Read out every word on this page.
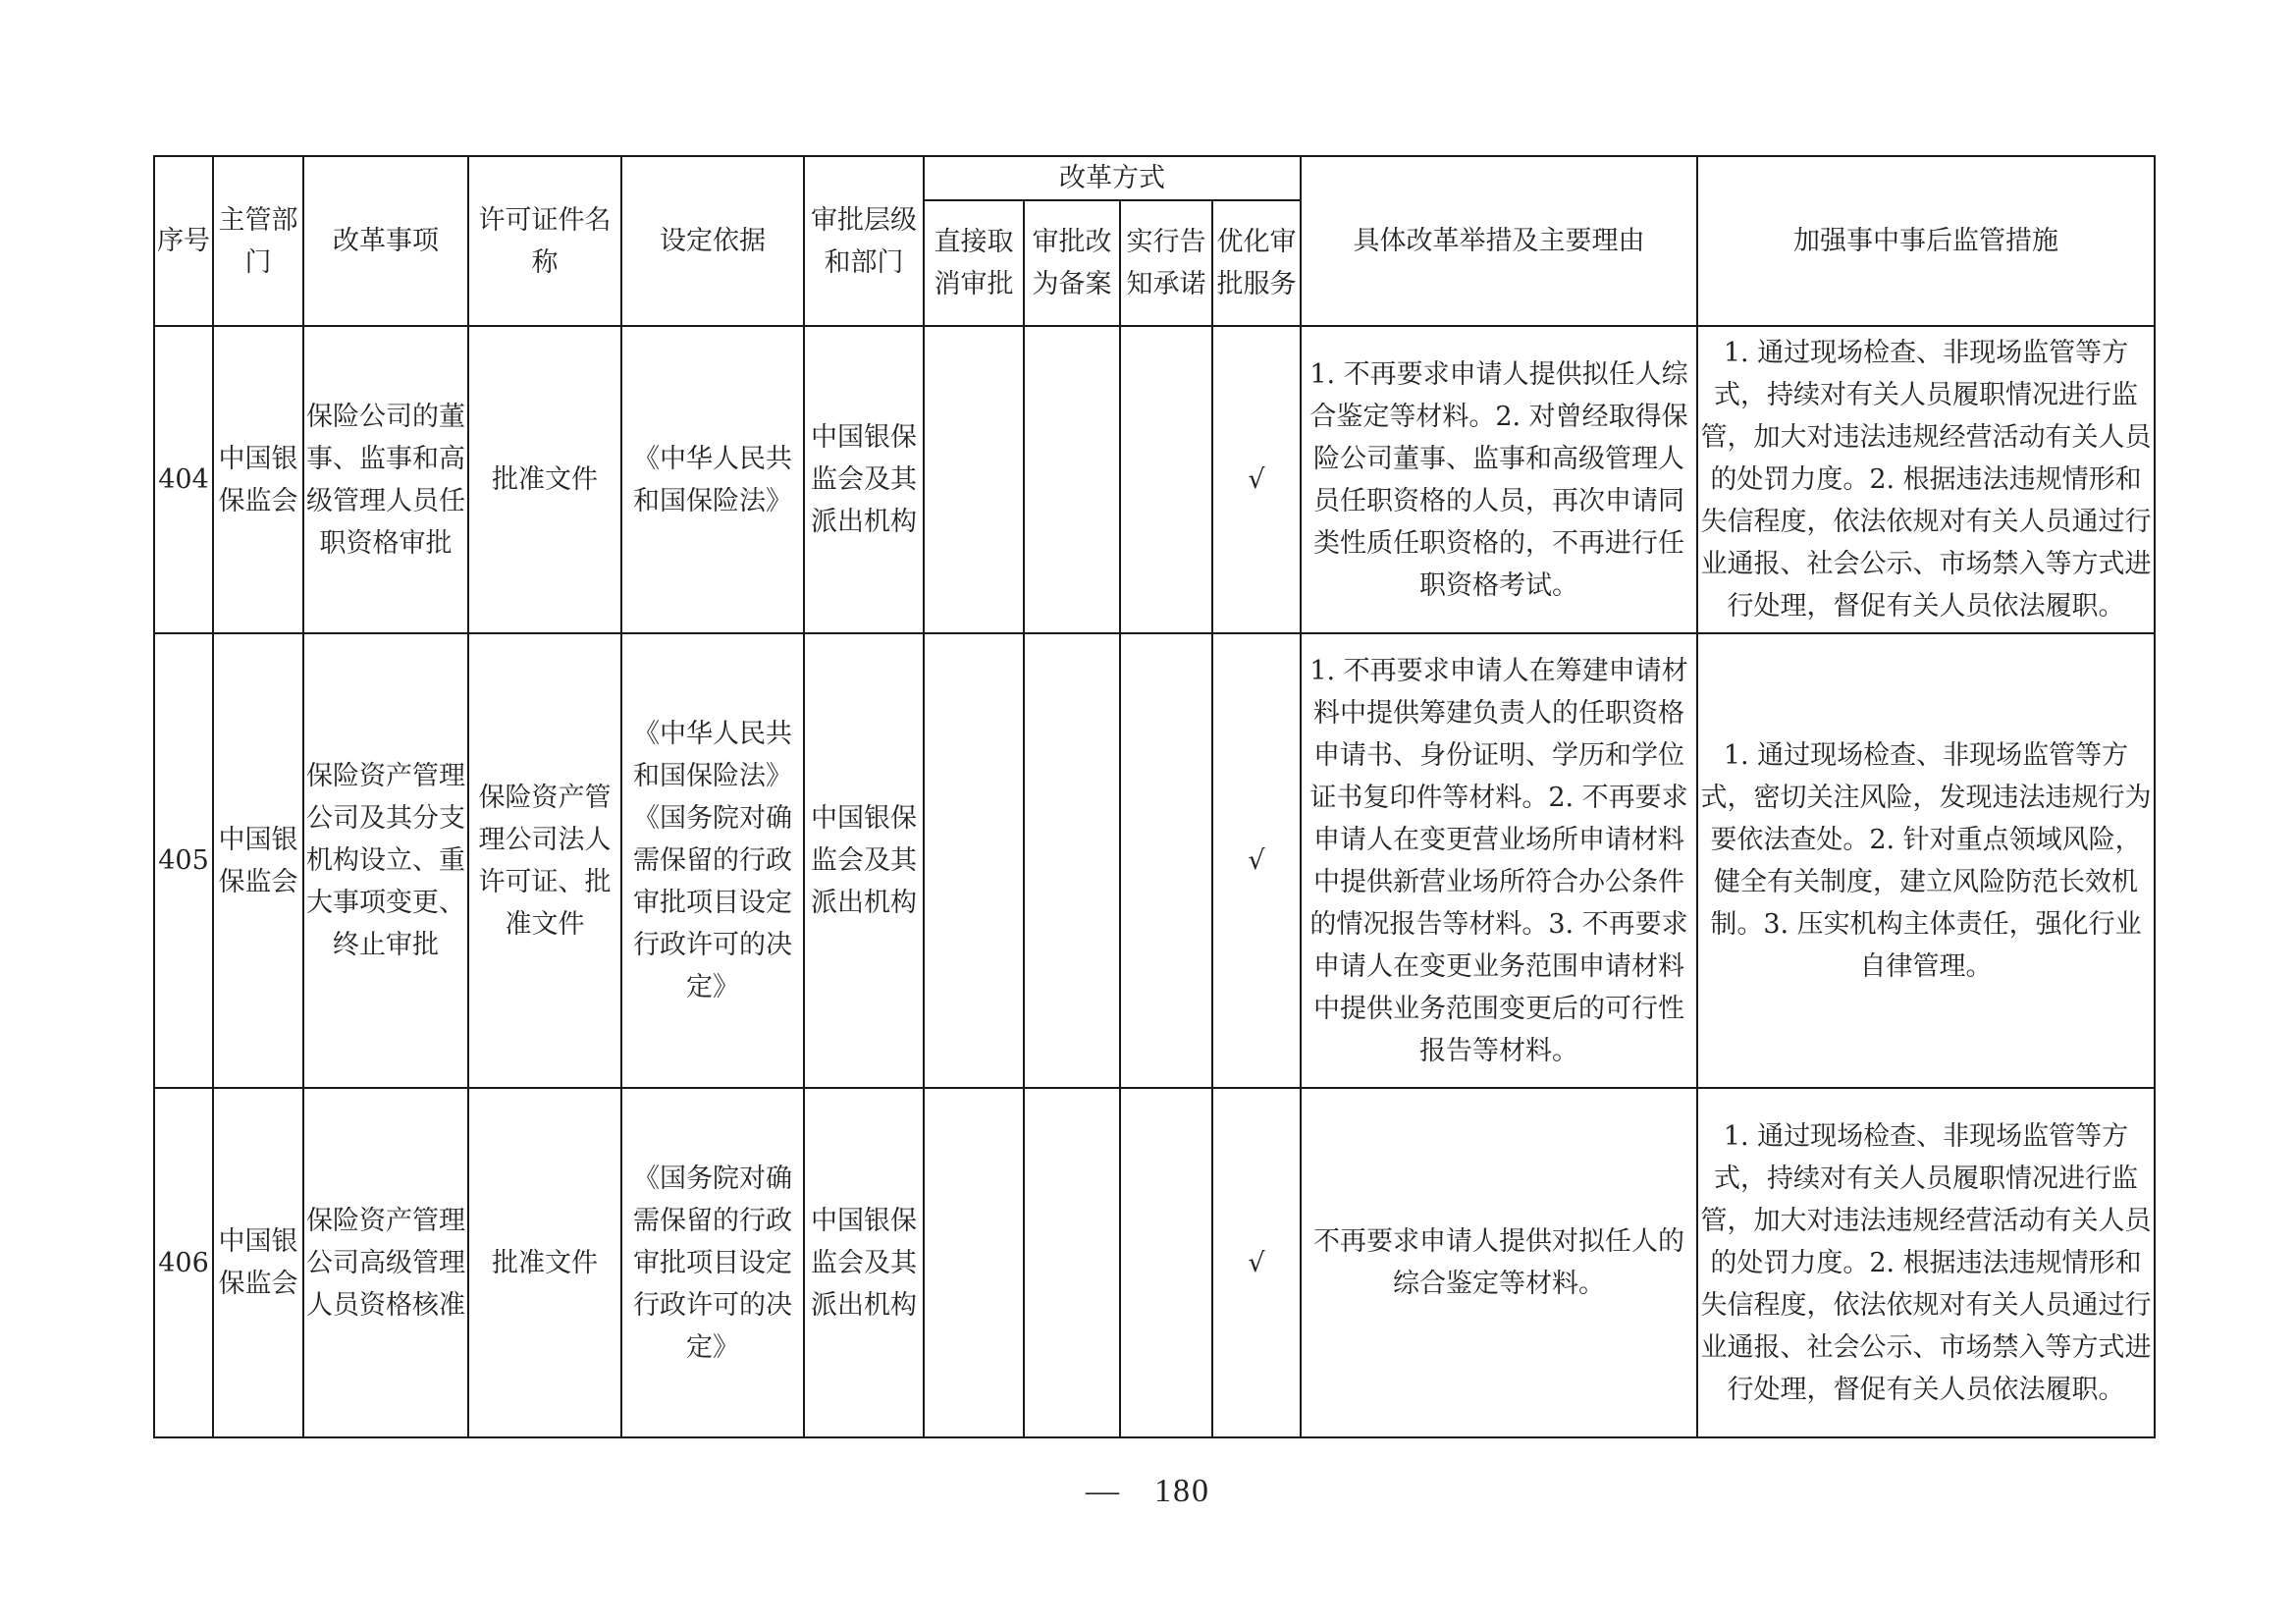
序号	主管部门	改革事项	许可证件名称	设定依据	审批层级和部门	改革方式				具体改革举措及主要理由	加强事中事后监管措施
						直接取消审批	审批改为备案	实行告知承诺	优化审批服务		
404	中国银保监会	保险公司的董事、监事和高级管理人员任职资格审批	批准文件	《中华人民共和国保险法》	中国银保监会及其派出机构				√	1. 不再要求申请人提供拟任人综合鉴定等材料。2. 对曾经取得保险公司董事、监事和高级管理人员任职资格的人员，再次申请同类性质任职资格的，不再进行任职资格考试。	1. 通过现场检查、非现场监管等方式，持续对有关人员履职情况进行监管，加大对违法违规经营活动有关人员的处罚力度。2. 根据违法违规情形和失信程度，依法依规对有关人员通过行业通报、社会公示、市场禁入等方式进行处理，督促有关人员依法履职。
405	中国银保监会	保险资产管理公司及其分支机构设立、重大事项变更、终止审批	保险资产管理公司法人许可证、批准文件	《中华人民共和国保险法》《国务院对确需保留的行政审批项目设定行政许可的决定》	中国银保监会及其派出机构				√	1. 不再要求申请人在筹建申请材料中提供筹建负责人的任职资格申请书、身份证明、学历和学位证书复印件等材料。2. 不再要求申请人在变更营业场所申请材料中提供新营业场所符合办公条件的情况报告等材料。3. 不再要求申请人在变更业务范围申请材料中提供业务范围变更后的可行性报告等材料。	1. 通过现场检查、非现场监管等方式，密切关注风险，发现违法违规行为要依法查处。2. 针对重点领域风险，健全有关制度，建立风险防范长效机制。3. 压实机构主体责任，强化行业自律管理。
406	中国银保监会	保险资产管理公司高级管理人员资格核准	批准文件	《国务院对确需保留的行政审批项目设定行政许可的决定》	中国银保监会及其派出机构				√	不再要求申请人提供对拟任人的综合鉴定等材料。	1. 通过现场检查、非现场监管等方式，持续对有关人员履职情况进行监管，加大对违法违规经营活动有关人员的处罚力度。2. 根据违法违规情形和失信程度，依法依规对有关人员通过行业通报、社会公示、市场禁入等方式进行处理，督促有关人员依法履职。
— 180
